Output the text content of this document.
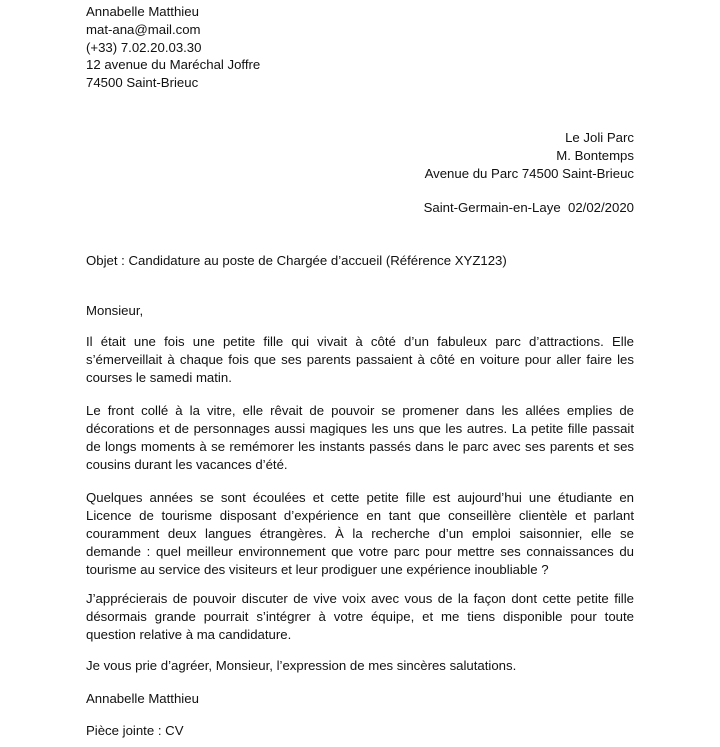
Annabelle Matthieu
mat-ana@mail.com
(+33) 7.02.20.03.30
12 avenue du Maréchal Joffre
74500 Saint-Brieuc
Le Joli Parc
M. Bontemps
Avenue du Parc 74500 Saint-Brieuc
Saint-Germain-en-Laye  02/02/2020
Objet : Candidature au poste de Chargée d’accueil (Référence XYZ123)
Monsieur,

Il était une fois une petite fille qui vivait à côté d’un fabuleux parc d’attractions. Elle s’émerveillait à chaque fois que ses parents passaient à côté en voiture pour aller faire les courses le samedi matin.

Le front collé à la vitre, elle rêvait de pouvoir se promener dans les allées emplies de décorations et de personnages aussi magiques les uns que les autres. La petite fille passait de longs moments à se remémorer les instants passés dans le parc avec ses parents et ses cousins durant les vacances d’été.

Quelques années se sont écoulées et cette petite fille est aujourd’hui une étudiante en Licence de tourisme disposant d’expérience en tant que conseillère clientèle et parlant couramment deux langues étrangères. À la recherche d’un emploi saisonnier, elle se demande : quel meilleur environnement que votre parc pour mettre ses connaissances du tourisme au service des visiteurs et leur prodiguer une expérience inoubliable ?

J’apprécierais de pouvoir discuter de vive voix avec vous de la façon dont cette petite fille désormais grande pourrait s’intégrer à votre équipe, et me tiens disponible pour toute question relative à ma candidature.

Je vous prie d’agréer, Monsieur, l’expression de mes sincères salutations.

Annabelle Matthieu
Pièce jointe : CV
